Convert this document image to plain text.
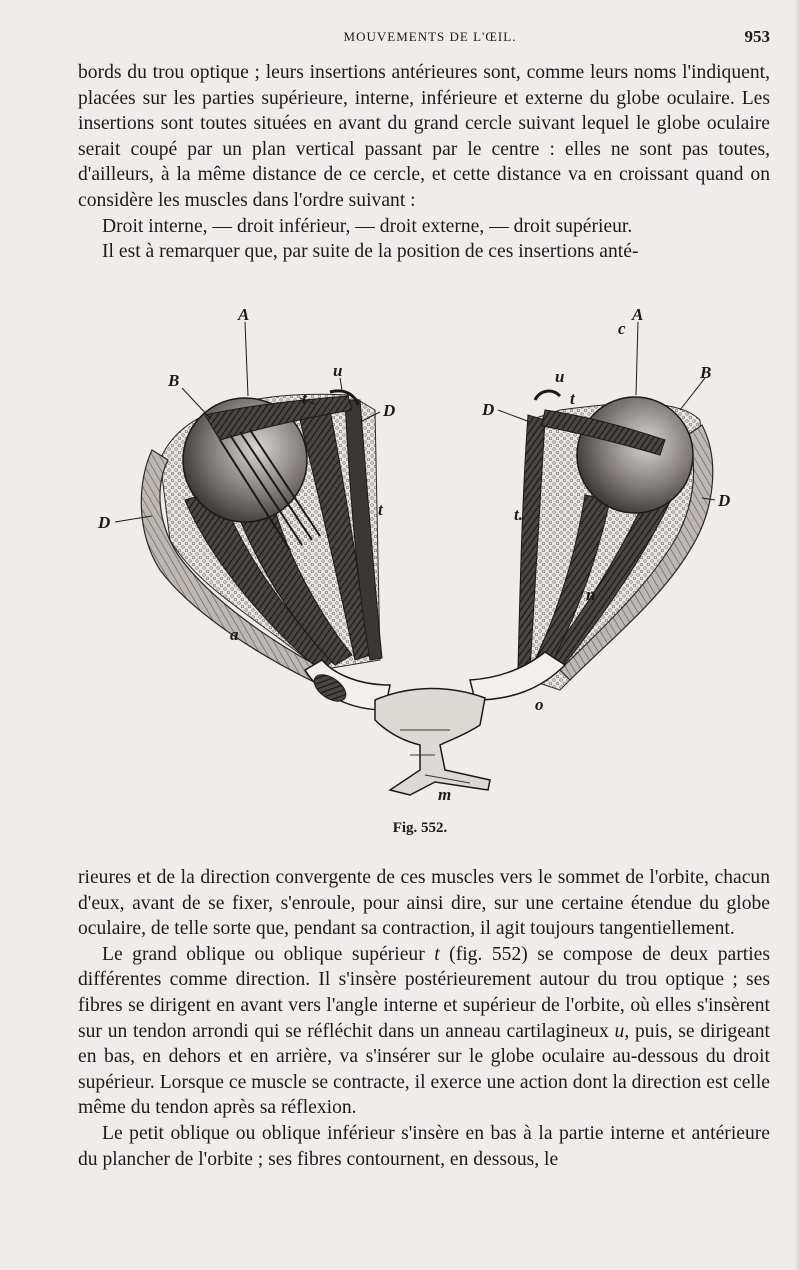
MOUVEMENTS DE L'ŒIL.	953

bords du trou optique ; leurs insertions antérieures sont, comme leurs noms l'indiquent, placées sur les parties supérieure, interne, inférieure et externe du globe oculaire. Les insertions sont toutes situées en avant du grand cercle suivant lequel le globe oculaire serait coupé par un plan vertical passant par le centre : elles ne sont pas toutes, d'ailleurs, à la même distance de ce cercle, et cette distance va en croissant quand on considère les muscles dans l'ordre suivant :

Droit interne, — droit inférieur, — droit externe, — droit supérieur.

Il est à remarquer que, par suite de la position de ces insertions anté-

A
B
u
t
D
D
t
a
A
c
B
u
t
D
D
t.
n
o
m
Fig. 552.

rieures et de la direction convergente de ces muscles vers le sommet de l'orbite, chacun d'eux, avant de se fixer, s'enroule, pour ainsi dire, sur une certaine étendue du globe oculaire, de telle sorte que, pendant sa contraction, il agit toujours tangentiellement.

Le grand oblique ou oblique supérieur t (fig. 552) se compose de deux parties différentes comme direction. Il s'insère postérieurement autour du trou optique ; ses fibres se dirigent en avant vers l'angle interne et supérieur de l'orbite, où elles s'insèrent sur un tendon arrondi qui se réfléchit dans un anneau cartilagineux u, puis, se dirigeant en bas, en dehors et en arrière, va s'insérer sur le globe oculaire au-dessous du droit supérieur. Lorsque ce muscle se contracte, il exerce une action dont la direction est celle même du tendon après sa réflexion.

Le petit oblique ou oblique inférieur s'insère en bas à la partie interne et antérieure du plancher de l'orbite ; ses fibres contournent, en dessous, le
